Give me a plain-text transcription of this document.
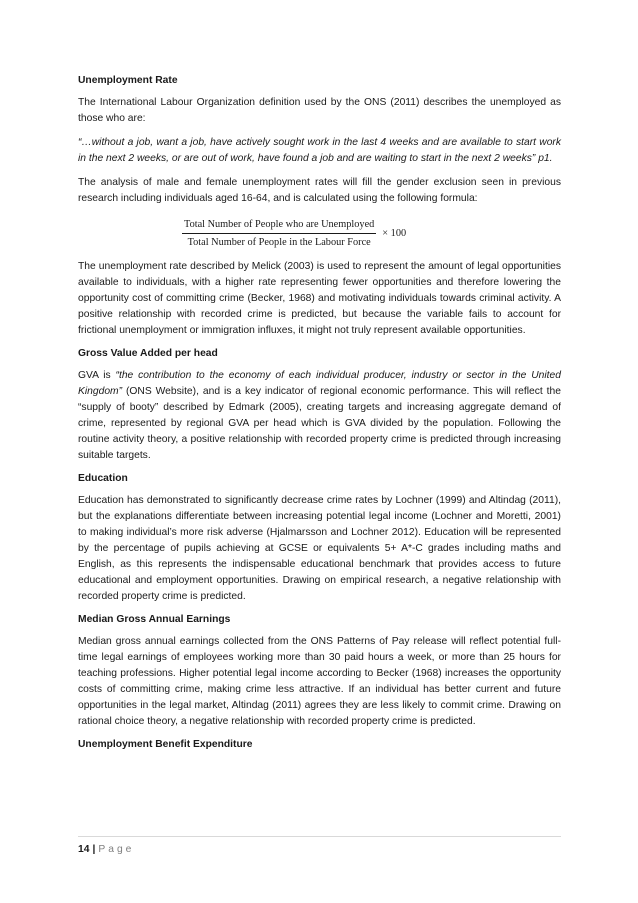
Unemployment Rate

The International Labour Organization definition used by the ONS (2011) describes the unemployed as those who are:

“…without a job, want a job, have actively sought work in the last 4 weeks and are available to start work in the next 2 weeks, or are out of work, have found a job and are waiting to start in the next 2 weeks” p1.

The analysis of male and female unemployment rates will fill the gender exclusion seen in previous research including individuals aged 16-64, and is calculated using the following formula:

$\frac{\text{Total Number of People who are Unemployed}}{\text{Total Number of People in the Labour Force}} \times 100$

The unemployment rate described by Melick (2003) is used to represent the amount of legal opportunities available to individuals, with a higher rate representing fewer opportunities and therefore lowering the opportunity cost of committing crime (Becker, 1968) and motivating individuals towards criminal activity. A positive relationship with recorded crime is predicted, but because the variable fails to account for frictional unemployment or immigration influxes, it might not truly represent available opportunities.

Gross Value Added per head

GVA is “the contribution to the economy of each individual producer, industry or sector in the United Kingdom” (ONS Website), and is a key indicator of regional economic performance. This will reflect the “supply of booty” described by Edmark (2005), creating targets and increasing aggregate demand of crime, represented by regional GVA per head which is GVA divided by the population. Following the routine activity theory, a positive relationship with recorded property crime is predicted through increasing suitable targets.

Education

Education has demonstrated to significantly decrease crime rates by Lochner (1999) and Altindag (2011), but the explanations differentiate between increasing potential legal income (Lochner and Moretti, 2001) to making individual’s more risk adverse (Hjalmarsson and Lochner 2012). Education will be represented by the percentage of pupils achieving at GCSE or equivalents 5+ A*-C grades including maths and English, as this represents the indispensable educational benchmark that provides access to future educational and employment opportunities. Drawing on empirical research, a negative relationship with recorded property crime is predicted.

Median Gross Annual Earnings

Median gross annual earnings collected from the ONS Patterns of Pay release will reflect potential full-time legal earnings of employees working more than 30 paid hours a week, or more than 25 hours for teaching professions. Higher potential legal income according to Becker (1968) increases the opportunity costs of committing crime, making crime less attractive. If an individual has better current and future opportunities in the legal market, Altindag (2011) agrees they are less likely to commit crime. Drawing on rational choice theory, a negative relationship with recorded property crime is predicted.

Unemployment Benefit Expenditure
14 | Page
